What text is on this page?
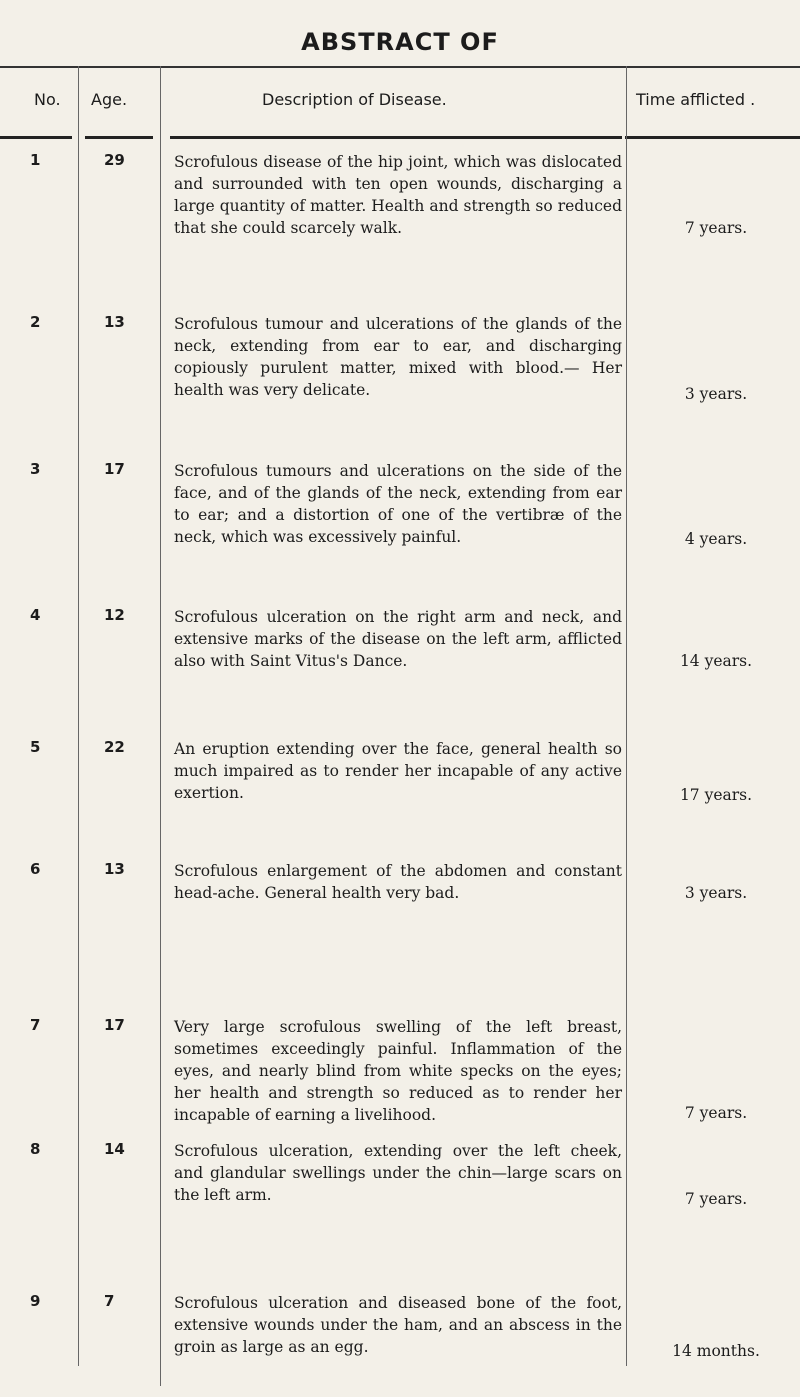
ABSTRACT OF
No. Age.	Description of Disease.	Time afflicted .
1	29	Scrofulous disease of the hip joint, which was dislocated and surrounded with ten open wounds, discharging a large quantity of matter. Health and strength so reduced that she could scarcely walk.	7 years.
2	13	Scrofulous tumour and ulcerations of the glands of the neck, extending from ear to ear, and discharging copiously purulent matter, mixed with blood.— Her health was very delicate.	3 years.
3	17	Scrofulous tumours and ulcerations on the side of the face, and of the glands of the neck, extending from ear to ear; and a distortion of one of the vertibræ of the neck, which was excessively painful.	4 years.
4	12	Scrofulous ulceration on the right arm and neck, and extensive marks of the disease on the left arm, afflicted also with Saint Vitus's Dance.	14 years.
5	22	An eruption extending over the face, general health so much impaired as to render her incapable of any active exertion.	17 years.
6	13	Scrofulous enlargement of the abdomen and constant head-ache. General health very bad.	3 years.
7	17	Very large scrofulous swelling of the left breast, sometimes exceedingly painful. Inflammation of the eyes, and nearly blind from white specks on the eyes; her health and strength so reduced as to render her incapable of earning a livelihood.	7 years.
8	14	Scrofulous ulceration, extending over the left cheek, and glandular swellings under the chin—large scars on the left arm.	7 years.
9	7	Scrofulous ulceration and diseased bone of the foot, extensive wounds under the ham, and an abscess in the groin as large as an egg.	14 months.
